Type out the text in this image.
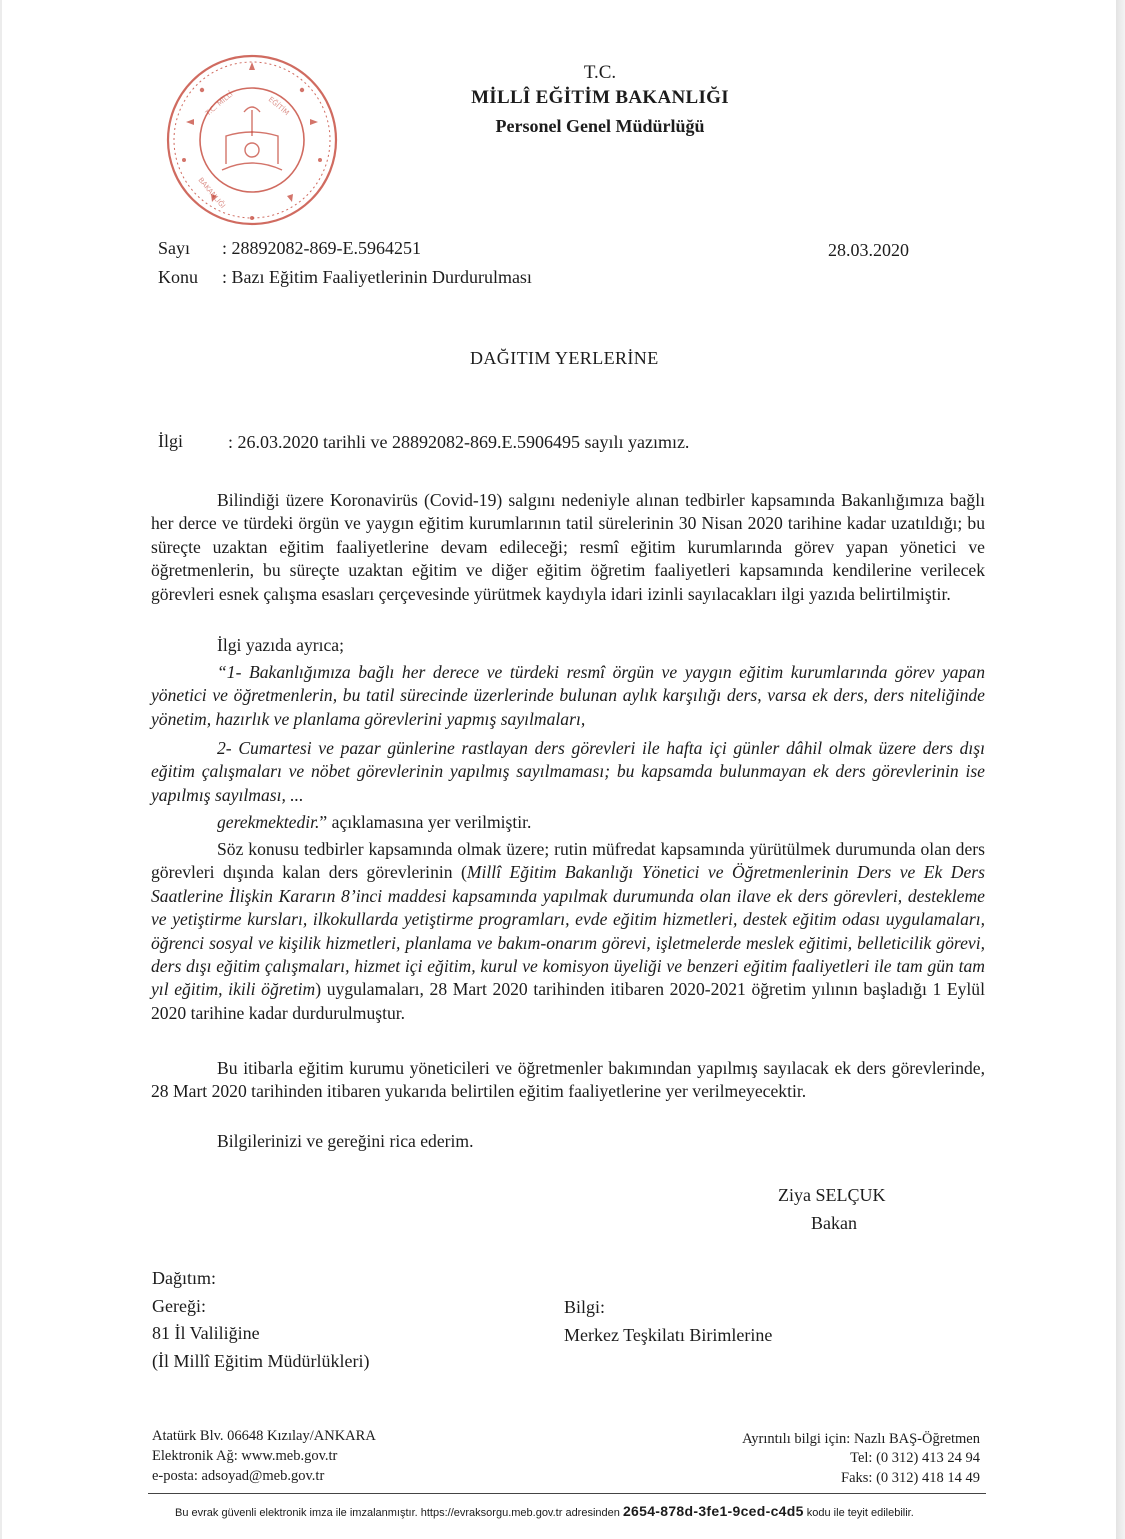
T.C. MİLLÎ	EĞİTİM
BAKANLIĞI
T.C.
MİLLÎ EĞİTİM BAKANLIĞI
Personel Genel Müdürlüğü
Sayı : 28892082-869-E.5964251
Konu : Bazı Eğitim Faaliyetlerinin Durdurulması
28.03.2020
DAĞITIM YERLERİNE
İlgi	: 26.03.2020 tarihli ve 28892082-869.E.5906495 sayılı yazımız.
Bilindiği üzere Koronavirüs (Covid-19) salgını nedeniyle alınan tedbirler kapsamında Bakanlığımıza bağlı her derce ve türdeki örgün ve yaygın eğitim kurumlarının tatil sürelerinin 30 Nisan 2020 tarihine kadar uzatıldığı; bu süreçte uzaktan eğitim faaliyetlerine devam edileceği; resmî eğitim kurumlarında görev yapan yönetici ve öğretmenlerin, bu süreçte uzaktan eğitim ve diğer eğitim öğretim faaliyetleri kapsamında kendilerine verilecek görevleri esnek çalışma esasları çerçevesinde yürütmek kaydıyla idari izinli sayılacakları ilgi yazıda belirtilmiştir.
İlgi yazıda ayrıca;
“1- Bakanlığımıza bağlı her derece ve türdeki resmî örgün ve yaygın eğitim kurumlarında görev yapan yönetici ve öğretmenlerin, bu tatil sürecinde üzerlerinde bulunan aylık karşılığı ders, varsa ek ders, ders niteliğinde yönetim, hazırlık ve planlama görevlerini yapmış sayılmaları,
2- Cumartesi ve pazar günlerine rastlayan ders görevleri ile hafta içi günler dâhil olmak üzere ders dışı eğitim çalışmaları ve nöbet görevlerinin yapılmış sayılmaması; bu kapsamda bulunmayan ek ders görevlerinin ise yapılmış sayılması, ...
gerekmektedir.” açıklamasına yer verilmiştir.
Söz konusu tedbirler kapsamında olmak üzere; rutin müfredat kapsamında yürütülmek durumunda olan ders görevleri dışında kalan ders görevlerinin (Millî Eğitim Bakanlığı Yönetici ve Öğretmenlerinin Ders ve Ek Ders Saatlerine İlişkin Kararın 8’inci maddesi kapsamında yapılmak durumunda olan ilave ek ders görevleri, destekleme ve yetiştirme kursları, ilkokullarda yetiştirme programları, evde eğitim hizmetleri, destek eğitim odası uygulamaları, öğrenci sosyal ve kişilik hizmetleri, planlama ve bakım-onarım görevi, işletmelerde meslek eğitimi, belleticilik görevi, ders dışı eğitim çalışmaları, hizmet içi eğitim, kurul ve komisyon üyeliği ve benzeri eğitim faaliyetleri ile tam gün tam yıl eğitim, ikili öğretim) uygulamaları, 28 Mart 2020 tarihinden itibaren 2020-2021 öğretim yılının başladığı 1 Eylül 2020 tarihine kadar durdurulmuştur.
Bu itibarla eğitim kurumu yöneticileri ve öğretmenler bakımından yapılmış sayılacak ek ders görevlerinde, 28 Mart 2020 tarihinden itibaren yukarıda belirtilen eğitim faaliyetlerine yer verilmeyecektir.
Bilgilerinizi ve gereğini rica ederim.
Ziya SELÇUK
Bakan
Dağıtım:
Gereği:
81 İl Valiliğine
(İl Millî Eğitim Müdürlükleri)
Bilgi:
Merkez Teşkilatı Birimlerine
Atatürk Blv. 06648 Kızılay/ANKARA
Elektronik Ağ: www.meb.gov.tr
e-posta: adsoyad@meb.gov.tr
Ayrıntılı bilgi için: Nazlı BAŞ-Öğretmen
Tel: (0 312) 413 24 94
Faks: (0 312) 418 14 49
Bu evrak güvenli elektronik imza ile imzalanmıştır. https://evraksorgu.meb.gov.tr adresinden 2654-878d-3fe1-9ced-c4d5 kodu ile teyit edilebilir.
